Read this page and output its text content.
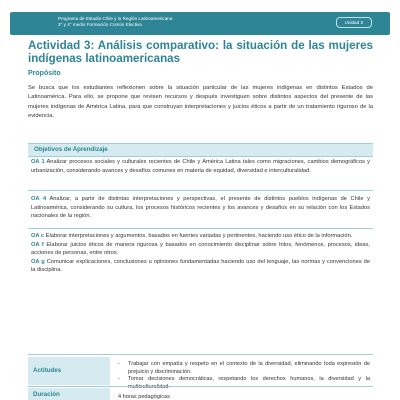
Programa de Estudio Chile y la Región Latinoamericana
3° y 4° medio Formación Común Electiva	Unidad 3
Actividad 3: Análisis comparativo: la situación de las mujeres indígenas latinoamericanas
Propósito
Se busca que los estudiantes reflexionen sobre la situación particular de las mujeres indígenas en distintos Estados de Latinoamérica. Para ello, se propone que revisen recursos y después investiguen sobre distintos aspectos del presente de las mujeres indígenas de América Latina, para que construyan interpretaciones y juicios éticos a partir de un tratamiento riguroso de la evidencia.
Objetivos de Aprendizaje
OA 1 Analizar procesos sociales y culturales recientes de Chile y América Latina tales como migraciones, cambios demográficos y urbanización, considerando avances y desafíos comunes en materia de equidad, diversidad e interculturalidad.
OA 4 Analizar, a partir de distintas interpretaciones y perspectivas, el presente de distintos pueblos indígenas de Chile y Latinoamérica, considerando su cultura, los procesos históricos recientes y los avances y desafíos en su relación con los Estados nacionales de la región.
OA c Elaborar interpretaciones y argumentos, basados en fuentes variadas y pertinentes, haciendo uso ético de la información.
OA f Elaborar juicios éticos de manera rigurosa y basados en conocimiento disciplinar sobre hitos, fenómenos, procesos, ideas, acciones de personas, entre otros.
OA g Comunicar explicaciones, conclusiones u opiniones fundamentadas haciendo uso del lenguaje, las normas y convenciones de la disciplina.
Actitudes
- Trabajar con empatía y respeto en el contexto de la diversidad, eliminando toda expresión de prejuicio y discriminación.
- Tomar decisiones democráticas, respetando los derechos humanos, la diversidad y la multiculturalidad.
Duración	4 horas pedagógicas
